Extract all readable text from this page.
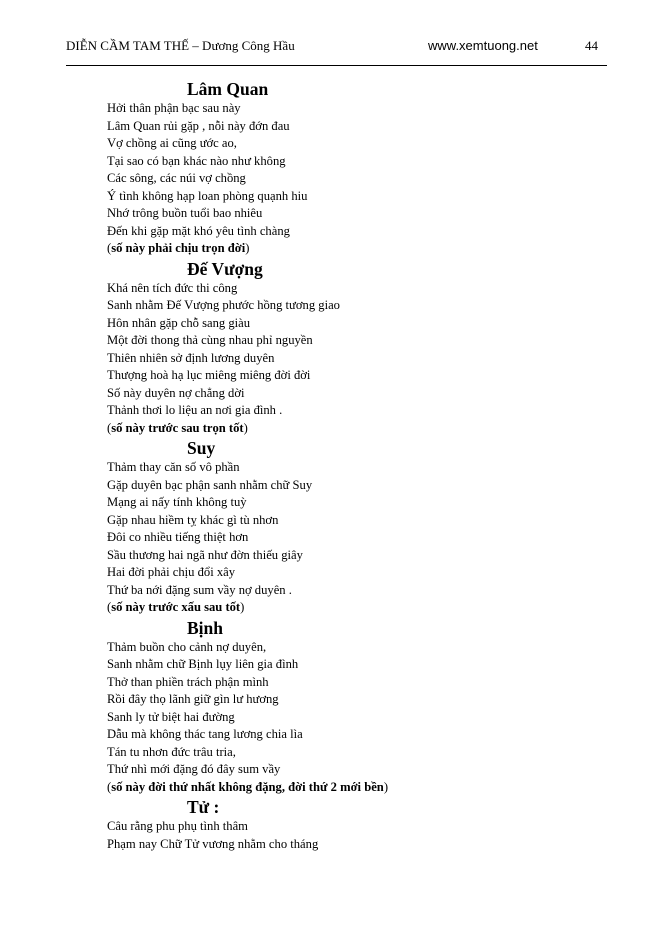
DIỄN CẦM TAM THẾ – Dương Công Hầu	www.xemtuong.net	44
Lâm Quan
Hởi thân phận bạc sau này
Lâm Quan rủi gặp , nỗi này đớn đau
Vợ chồng ai cũng ước ao,
Tại sao có bạn khác nào như không
Các sông, các núi vợ chồng
Ý tình không hạp loan phòng quạnh hiu
Nhớ trông buồn tuổi bao nhiêu
Đến khi gặp mặt khó yêu tình chàng
(số này phải chịu trọn đời)
Đế Vượng
Khá nên tích đức thi công
Sanh nhằm Đế Vượng phước hồng tương giao
Hôn nhân gặp chỗ sang giàu
Một đời thong thả cùng nhau phỉ nguyền
Thiên nhiên sở định lương duyên
Thượng hoà hạ lục miêng miêng đời đời
Số này duyên nợ chẳng dời
Thảnh thơi lo liệu an nơi gia đình .
(số này trước sau trọn tốt)
Suy
Thảm thay căn số vô phần
Gặp duyên bạc phận sanh nhằm chữ Suy
Mạng ai nấy tính không tuỳ
Gặp nhau hiềm tỵ khác gì tù nhơn
Đôi co nhiều tiếng thiệt hơn
Sầu thương hai ngã như đờn thiếu giây
Hai đời phải chịu đổi xây
Thứ ba nới đặng sum vầy nợ duyên .
(số này trước xấu sau tốt)
Bịnh
Thảm buồn cho cảnh nợ duyên,
Sanh nhằm chữ Bịnh lụy liên gia đình
Thở than phiền trách phận mình
Rồi đây thọ lãnh giữ gìn lư hương
Sanh ly tử biệt hai đường
Dẫu mà không thác tang lương chia lìa
Tán tu nhơn đức trâu tria,
Thứ nhì mới đặng đó đây sum vầy
(số này đời thứ nhất không đặng, đời thứ 2 mới bền)
Tử :
Câu rằng phu phụ tình thâm
Phạm nay Chữ Tử vương nhằm cho tháng
